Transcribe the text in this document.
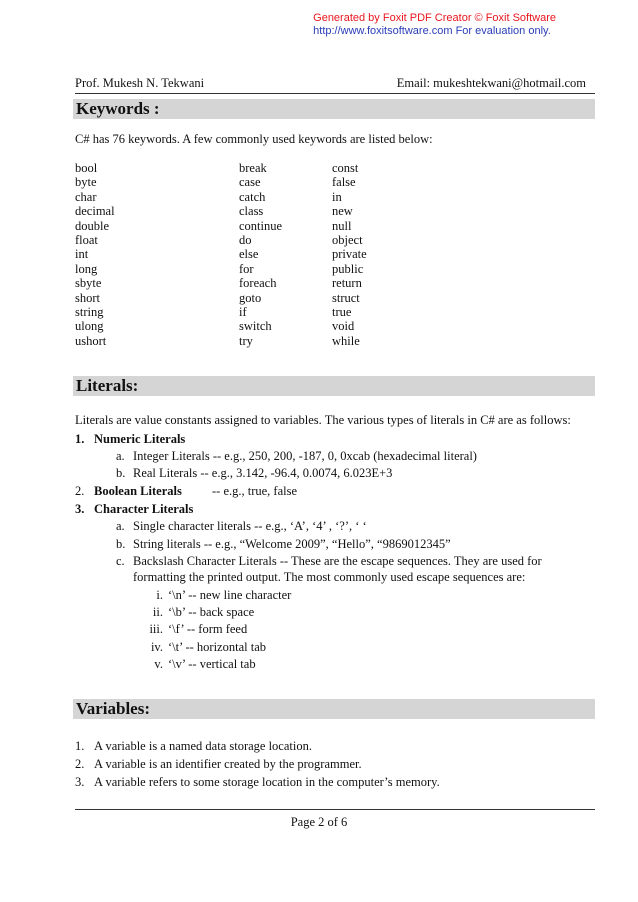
Generated by Foxit PDF Creator © Foxit Software
http://www.foxitsoftware.com For evaluation only.
Prof. Mukesh N. Tekwani	Email: mukeshtekwani@hotmail.com
Keywords :
C# has 76 keywords. A few commonly used keywords are listed below:
bool
byte
char
decimal
double
float
int
long
sbyte
short
string
ulong
ushort
break
case
catch
class
continue
do
else
for
foreach
goto
if
switch
try
const
false
in
new
null
object
private
public
return
struct
true
void
while
Literals:
Literals are value constants assigned to variables. The various types of literals in C# are as follows:
1. Numeric Literals
a. Integer Literals -- e.g., 250, 200, -187, 0, 0xcab (hexadecimal literal)
b. Real Literals -- e.g., 3.142, -96.4, 0.0074, 6.023E+3
2. Boolean Literals -- e.g., true, false
3. Character Literals
a. Single character literals -- e.g., ‘A’, ‘4’ , ‘?’, ‘ ‘
b. String literals -- e.g., “Welcome 2009”, “Hello”, “9869012345”
c. Backslash Character Literals -- These are the escape sequences. They are used for
formatting the printed output. The most commonly used escape sequences are:
i. ‘\n’ -- new line character
ii. ‘\b’ -- back space
iii. ‘\f’ -- form feed
iv. ‘\t’ -- horizontal tab
v. ‘\v’ -- vertical tab
Variables:
1. A variable is a named data storage location.
2. A variable is an identifier created by the programmer.
3. A variable refers to some storage location in the computer’s memory.
Page 2 of 6
